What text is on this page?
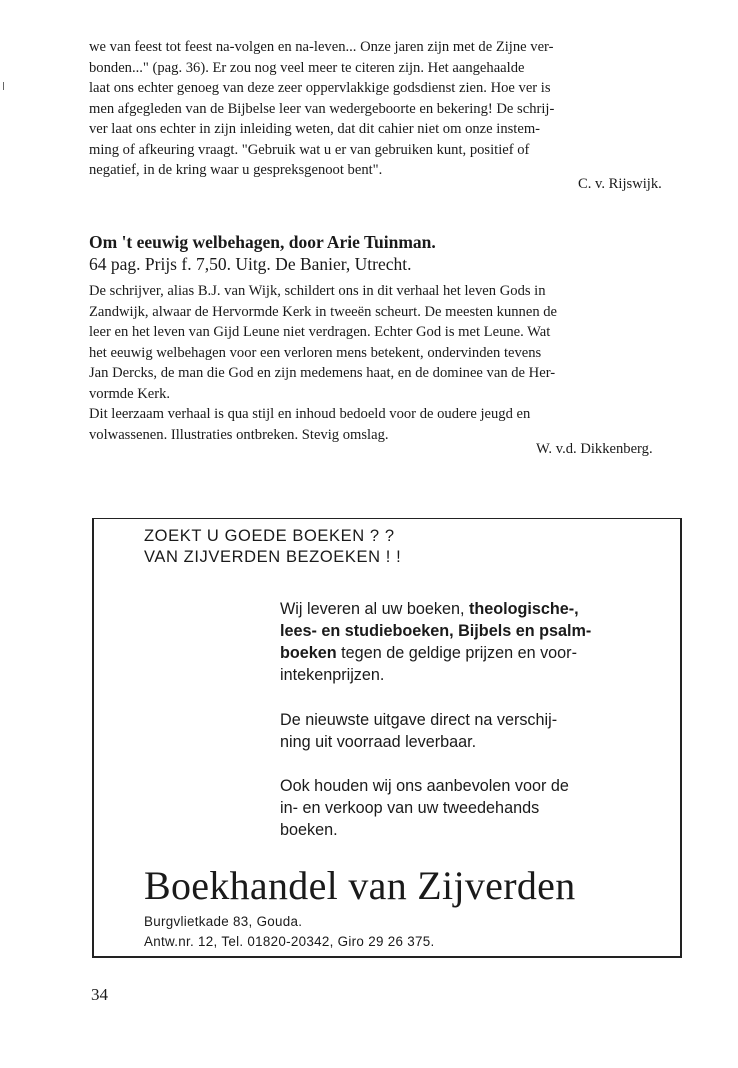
we van feest tot feest na-volgen en na-leven... Onze jaren zijn met de Zijne ver-
bonden..." (pag. 36). Er zou nog veel meer te citeren zijn. Het aangehaalde
laat ons echter genoeg van deze zeer oppervlakkige godsdienst zien. Hoe ver is
men afgegleden van de Bijbelse leer van wedergeboorte en bekering! De schrij-
ver laat ons echter in zijn inleiding weten, dat dit cahier niet om onze instem-
ming of afkeuring vraagt. "Gebruik wat u er van gebruiken kunt, positief of
negatief, in de kring waar u gespreksgenoot bent".
C. v. Rijswijk.
Om 't eeuwig welbehagen, door Arie Tuinman.

64 pag. Prijs f. 7,50. Uitg. De Banier, Utrecht.

De schrijver, alias B.J. van Wijk, schildert ons in dit verhaal het leven Gods in
Zandwijk, alwaar de Hervormde Kerk in tweeën scheurt. De meesten kunnen de
leer en het leven van Gijd Leune niet verdragen. Echter God is met Leune. Wat
het eeuwig welbehagen voor een verloren mens betekent, ondervinden tevens
Jan Dercks, de man die God en zijn medemens haat, en de dominee van de Her-
vormde Kerk.
Dit leerzaam verhaal is qua stijl en inhoud bedoeld voor de oudere jeugd en
volwassenen. Illustraties ontbreken. Stevig omslag.
W. v.d. Dikkenberg.

ZOEKT U GOEDE BOEKEN ? ?

VAN ZIJVERDEN BEZOEKEN ! !

Wij leveren al uw boeken, theologische-,
lees- en studieboeken, Bijbels en psalm-
boeken tegen de geldige prijzen en voor-
intekenprijzen.
De nieuwste uitgave direct na verschij-
ning uit voorraad leverbaar.
Ook houden wij ons aanbevolen voor de
in- en verkoop van uw tweedehands
boeken.
Boekhandel van Zijverden

Burgvlietkade 83, Gouda.

Antw.nr. 12, Tel. 01820-20342, Giro 29 26 375.

34
